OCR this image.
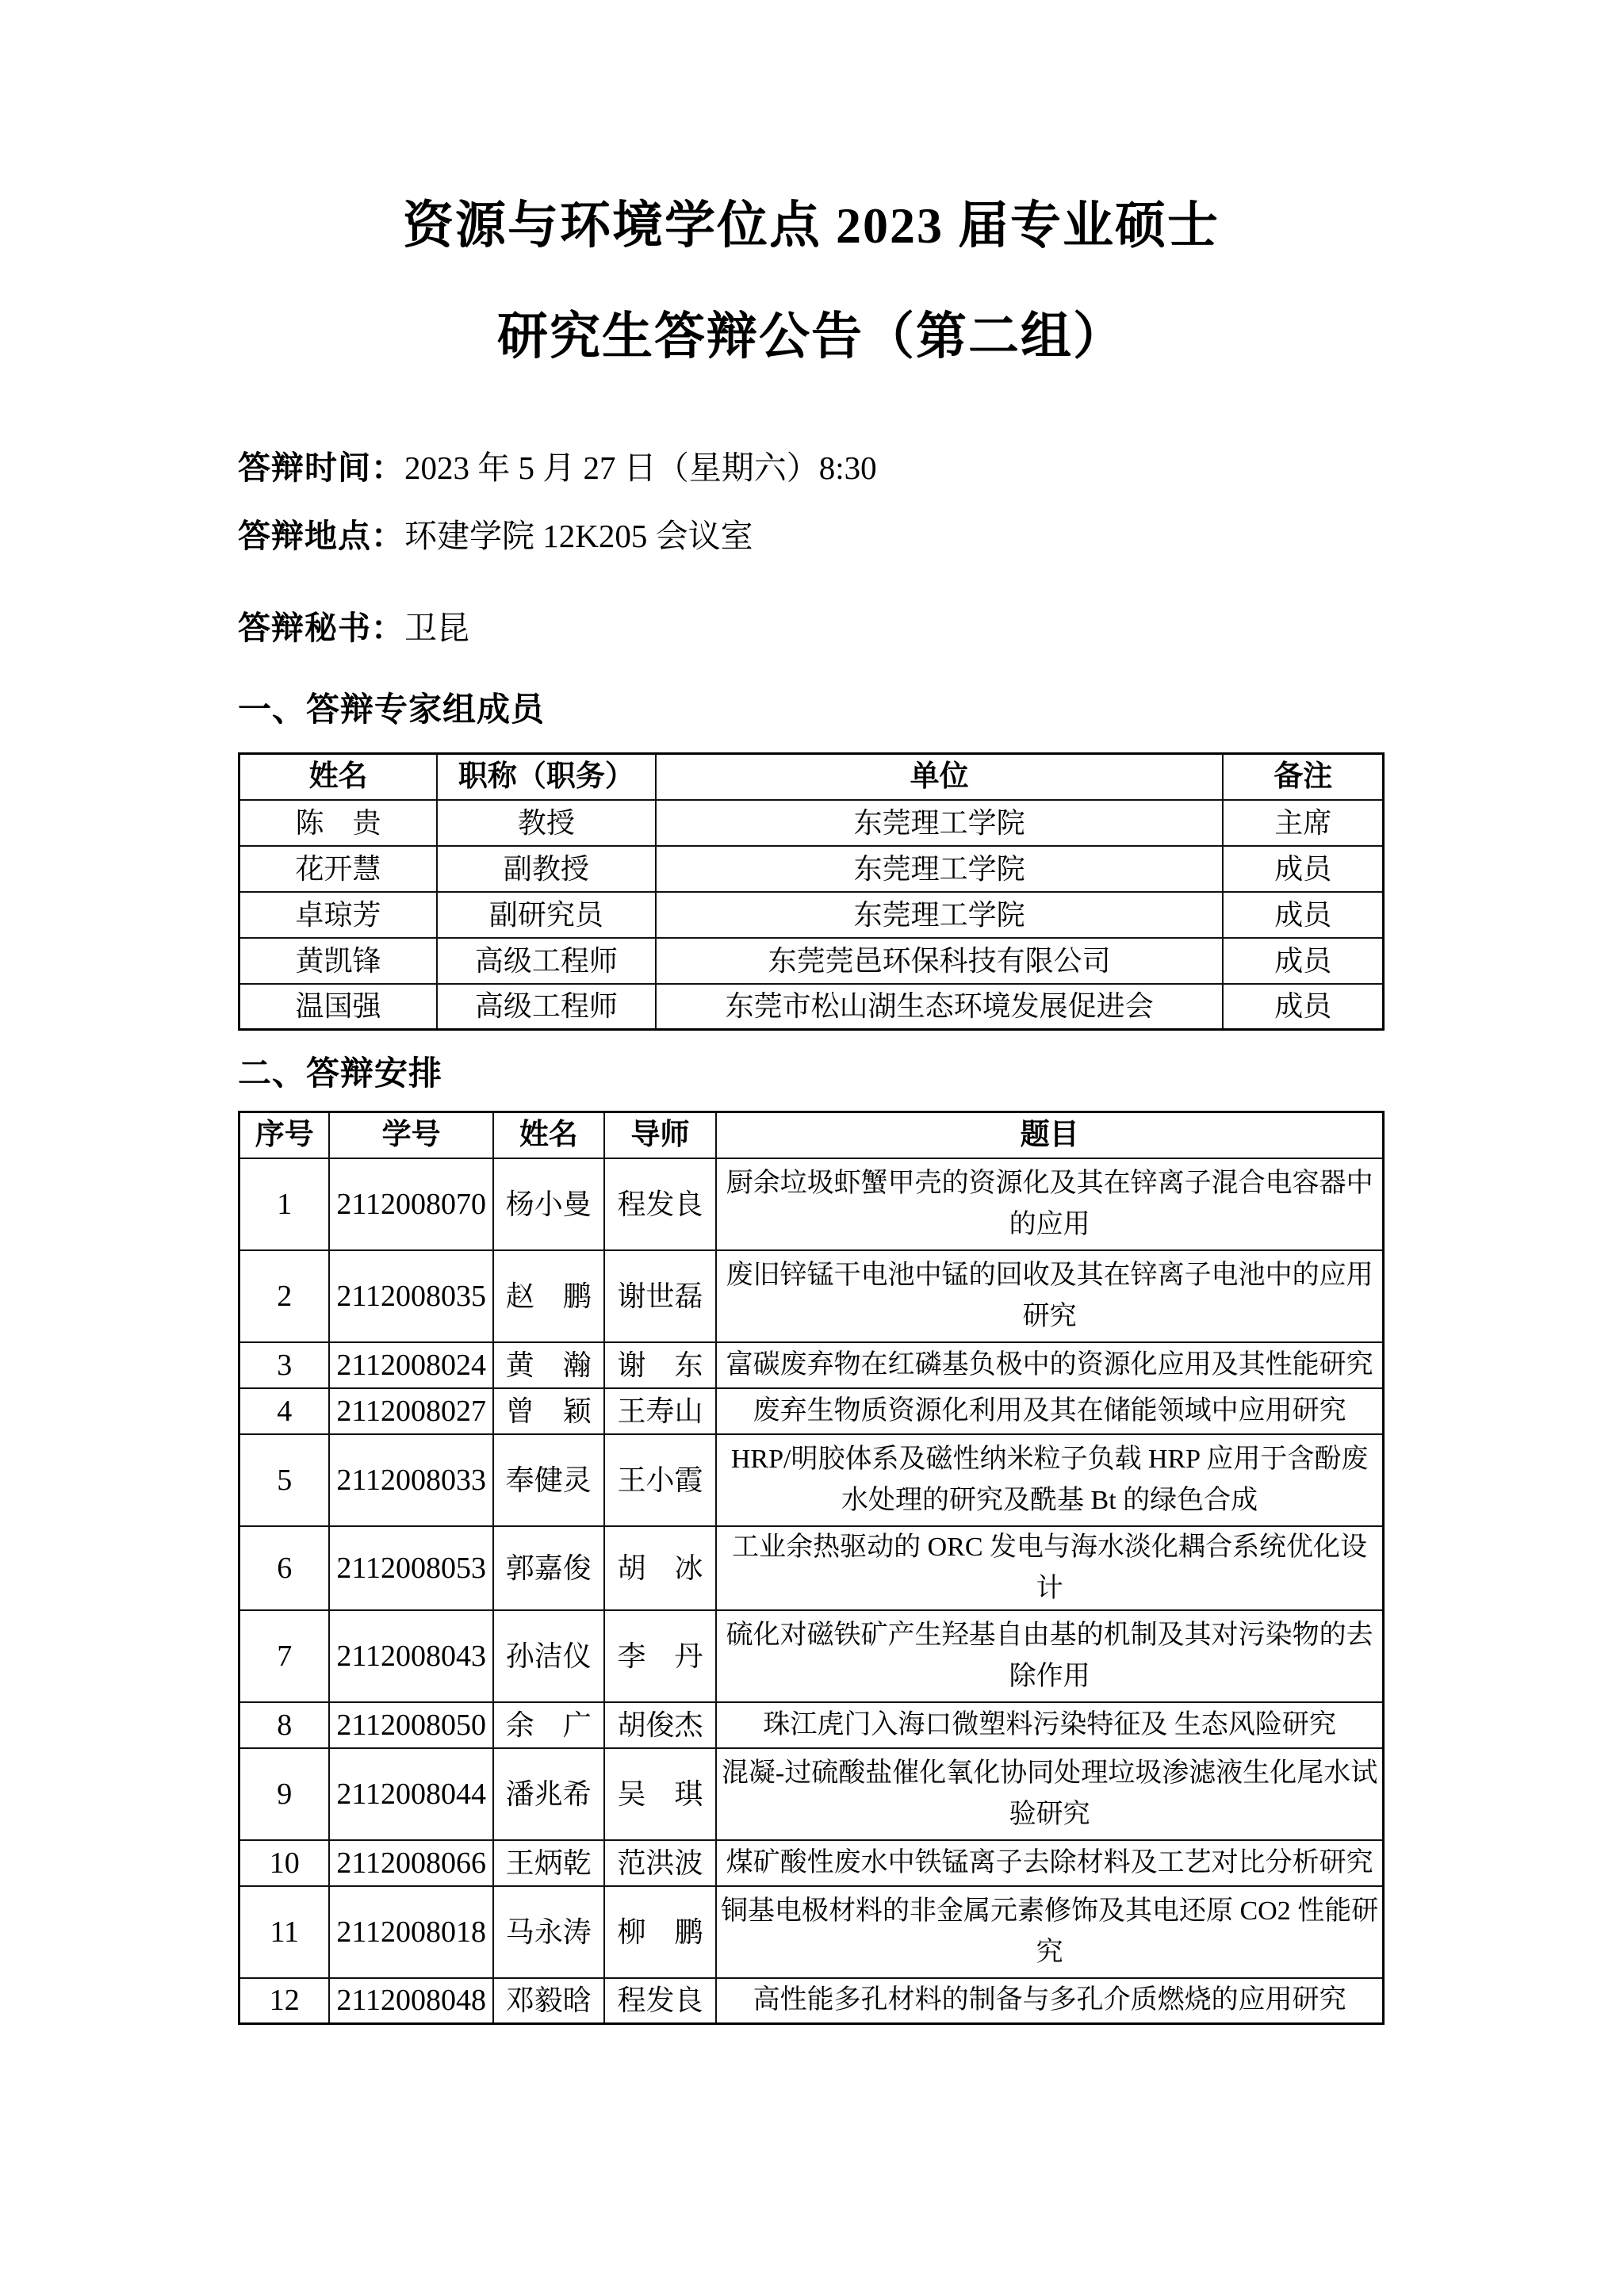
资源与环境学位点 2023 届专业硕士
研究生答辩公告（第二组）
答辩时间：2023 年 5 月 27 日（星期六）8:30
答辩地点：环建学院 12K205 会议室
答辩秘书：卫昆
一、答辩专家组成员
姓名	职称（职务）	单位	备注
陈　贵	教授	东莞理工学院	主席
花开慧	副教授	东莞理工学院	成员
卓琼芳	副研究员	东莞理工学院	成员
黄凯锋	高级工程师	东莞莞邑环保科技有限公司	成员
温国强	高级工程师	东莞市松山湖生态环境发展促进会	成员
二、答辩安排
序号	学号	姓名	导师	题目
1	2112008070	杨小曼	程发良	厨余垃圾虾蟹甲壳的资源化及其在锌离子混合电容器中的应用
2	2112008035	赵　鹏	谢世磊	废旧锌锰干电池中锰的回收及其在锌离子电池中的应用研究
3	2112008024	黄　瀚	谢　东	富碳废弃物在红磷基负极中的资源化应用及其性能研究
4	2112008027	曾　颖	王寿山	废弃生物质资源化利用及其在储能领域中应用研究
5	2112008033	奉健灵	王小霞	HRP/明胶体系及磁性纳米粒子负载 HRP 应用于含酚废水处理的研究及酰基 Bt 的绿色合成
6	2112008053	郭嘉俊	胡　冰	工业余热驱动的 ORC 发电与海水淡化耦合系统优化设计
7	2112008043	孙洁仪	李　丹	硫化对磁铁矿产生羟基自由基的机制及其对污染物的去除作用
8	2112008050	余　广	胡俊杰	珠江虎门入海口微塑料污染特征及 生态风险研究
9	2112008044	潘兆希	吴　琪	混凝-过硫酸盐催化氧化协同处理垃圾渗滤液生化尾水试验研究
10	2112008066	王炳乾	范洪波	煤矿酸性废水中铁锰离子去除材料及工艺对比分析研究
11	2112008018	马永涛	柳　鹏	铜基电极材料的非金属元素修饰及其电还原 CO2 性能研究
12	2112008048	邓毅晗	程发良	高性能多孔材料的制备与多孔介质燃烧的应用研究
